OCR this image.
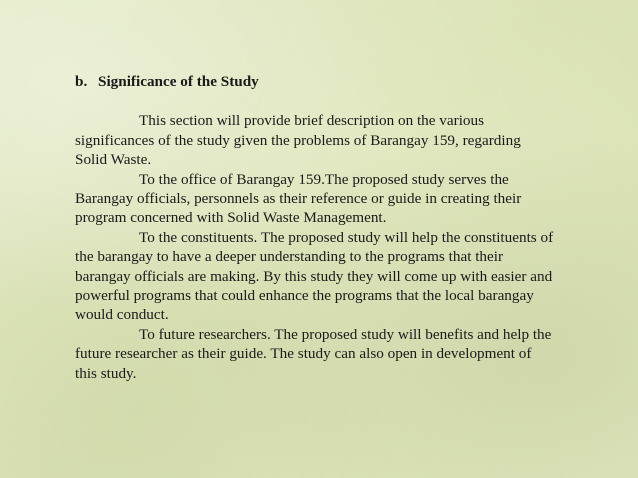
b. Significance of the Study

This section will provide brief description on the various significances of the study given the problems of Barangay 159, regarding Solid Waste.

To the office of Barangay 159.The proposed study serves the Barangay officials, personnels as their reference or guide in creating their program concerned with Solid Waste Management.

To the constituents. The proposed study will help the constituents of the barangay to have a deeper understanding to the programs that their barangay officials are making. By this study they will come up with easier and powerful programs that could enhance the programs that the local barangay would conduct.

To future researchers. The proposed study will benefits and help the future researcher as their guide. The study can also open in development of this study.
